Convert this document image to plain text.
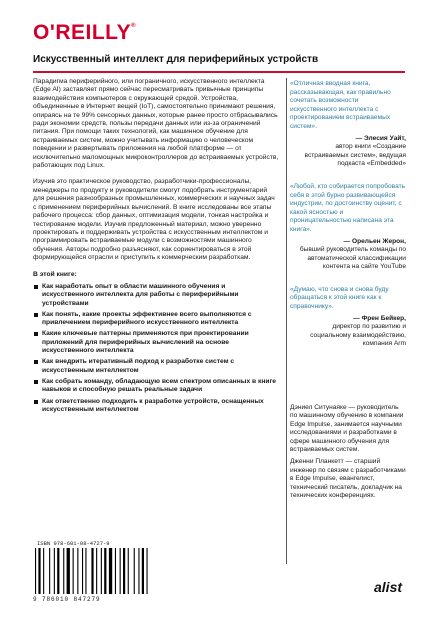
O'REILLY®
Искусственный интеллект для периферийных устройств

Парадигма периферийного, или пограничного, искусственного интеллекта (Edge AI) заставляет прямо сейчас пересматривать привычные принципы взаимодействия компьютеров с окружающей средой. Устройства, объединенные в Интернет вещей (IoT), самостоятельно принимают решения, опираясь на те 99% сенсорных данных, которые ранее просто отбрасывались ради экономии средств, пользы передачи данных или из-за ограничений питания. При помощи таких технологий, как машинное обучение для встраиваемых систем, можно учитывать информацию о человеческом поведении и развертывать приложения на любой платформе — от исключительно маломощных микроконтроллеров до встраиваемых устройств, работающих под Linux.

Изучив это практическое руководство, разработчики-профессионалы, менеджеры по продукту и руководители смогут подобрать инструментарий для решения разнообразных промышленных, коммерческих и научных задач с применением периферийных вычислений. В книге исследованы все этапы рабочего процесса: сбор данных, оптимизация модели, тонкая настройка и тестирование модели. Изучив предложенный материал, можно уверенно проектировать и поддерживать устройства с искусственным интеллектом и программировать встраиваемые модули с возможностями машинного обучения. Авторы подробно разъясняют, как сориентироваться в этой формирующейся отрасли и приступить к коммерческим разработкам.

В этой книге:
Как наработать опыт в области машинного обучения и искусственного интеллекта для работы с периферийными устройствами
Как понять, какие проекты эффективнее всего выполняются с привлечением периферийного искусственного интеллекта
Какие ключевые паттерны применяются при проектировании приложений для периферийных вычислений на основе искусственного интеллекта
Как внедрить итеративный подход к разработке систем с искусственным интеллектом
Как собрать команду, обладающую всем спектром описанных в книге навыков и способную решать реальные задачи
Как ответственно подходить к разработке устройств, оснащенных искусственным интеллектом
«Отличная вводная книга, рассказывающая, как правильно сочетать возможности искусственного интеллекта с проектированием встраиваемых систем».
— Элесия Уайт,
автор книги «Создание встраиваемых систем», ведущая подкаста «Embedded»
«Любой, кто собирается попробовать себя в этой бурно развивающейся индустрии, по достоинству оценит, с какой ясностью и проницательностью написана эта книга».
— Орельен Жерон,
бывший руководитель команды по автоматической классификации контента на сайте YouTube
«Думаю, что снова и снова буду обращаться к этой книге как к справочнику».
— Френ Бейкер,
директор по развитию и социальному взаимодействию, компания Arm

Дэниел Ситунаяке — руководитель по машинному обучению в компании Edge Impulse, занимается научными исследованиями и разработками в сфере машинного обучения для встраиваемых систем.

Дженни Планкетт — старший инженер по связям с разработчиками в Edge Impulse, евангелист, технический писатель, докладчик на технических конференциях.

ISBN 978-601-08-4727-9
9 786010 847279
alist
